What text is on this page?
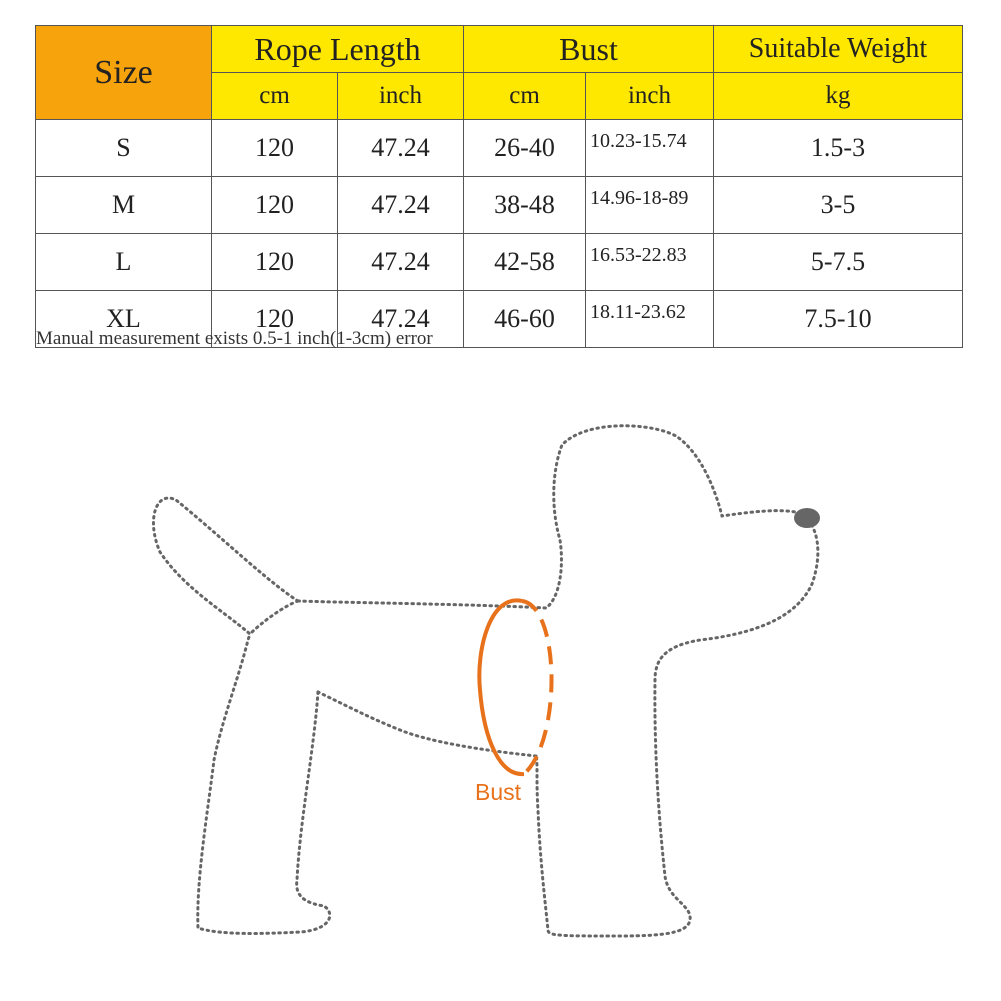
Size	Rope Length		Bust		Suitable Weight
	cm	inch	cm	inch	kg
S	120	47.24	26-40	10.23-15.74	1.5-3
M	120	47.24	38-48	14.96-18-89	3-5
L	120	47.24	42-58	16.53-22.83	5-7.5
XL	120	47.24	46-60	18.11-23.62	7.5-10
Manual measurement exists 0.5-1 inch(1-3cm) error
Bust
